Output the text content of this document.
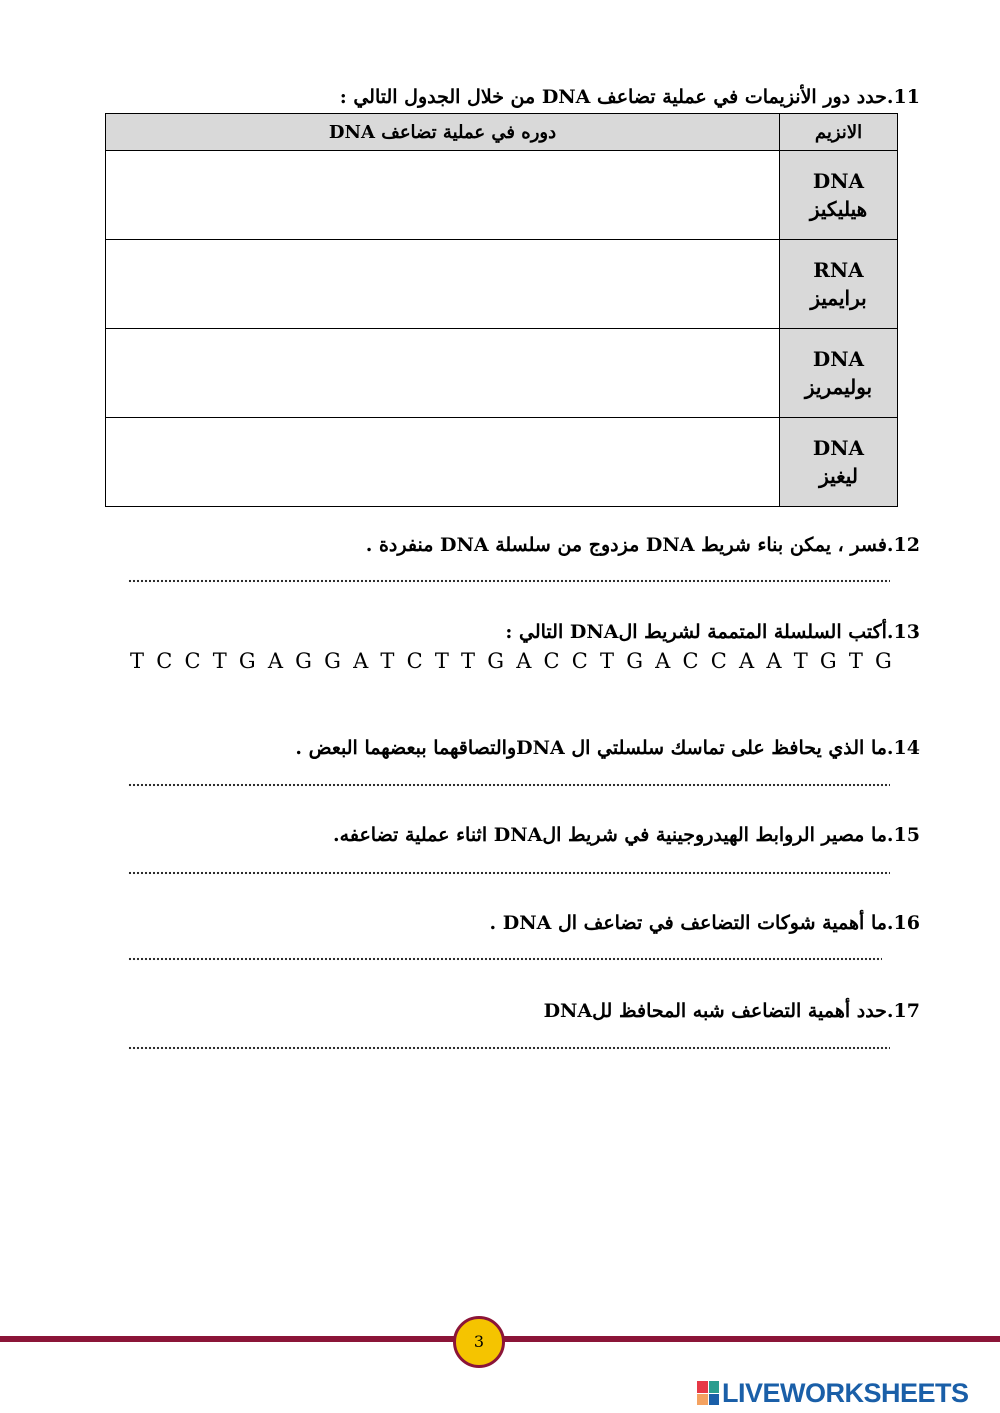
11.حدد دور الأنزيمات في عملية تضاعف DNA من خلال الجدول التالي :
الانزيم	دوره في عملية تضاعف DNA

DNA
هيليكيز	

RNA
برايميز	

DNA
بوليمريز	

DNA
ليغيز	

12.فسر ، يمكن بناء شريط DNA مزدوج من سلسلة DNA منفردة .
13.أكتب السلسلة المتممة لشريط الDNA التالي :
T C C T G A G G A T C T T G A C C T G A C C A A T G T G
14.ما الذي يحافظ على تماسك سلسلتي ال DNAوالتصاقهما ببعضهما البعض .
15.ما مصير الروابط الهيدروجينية في شريط الDNA اثناء عملية تضاعفه.
16.ما أهمية شوكات التضاعف في تضاعف ال DNA .
17.حدد أهمية التضاعف شبه المحافظ للDNA
3
LIVEWORKSHEETS
